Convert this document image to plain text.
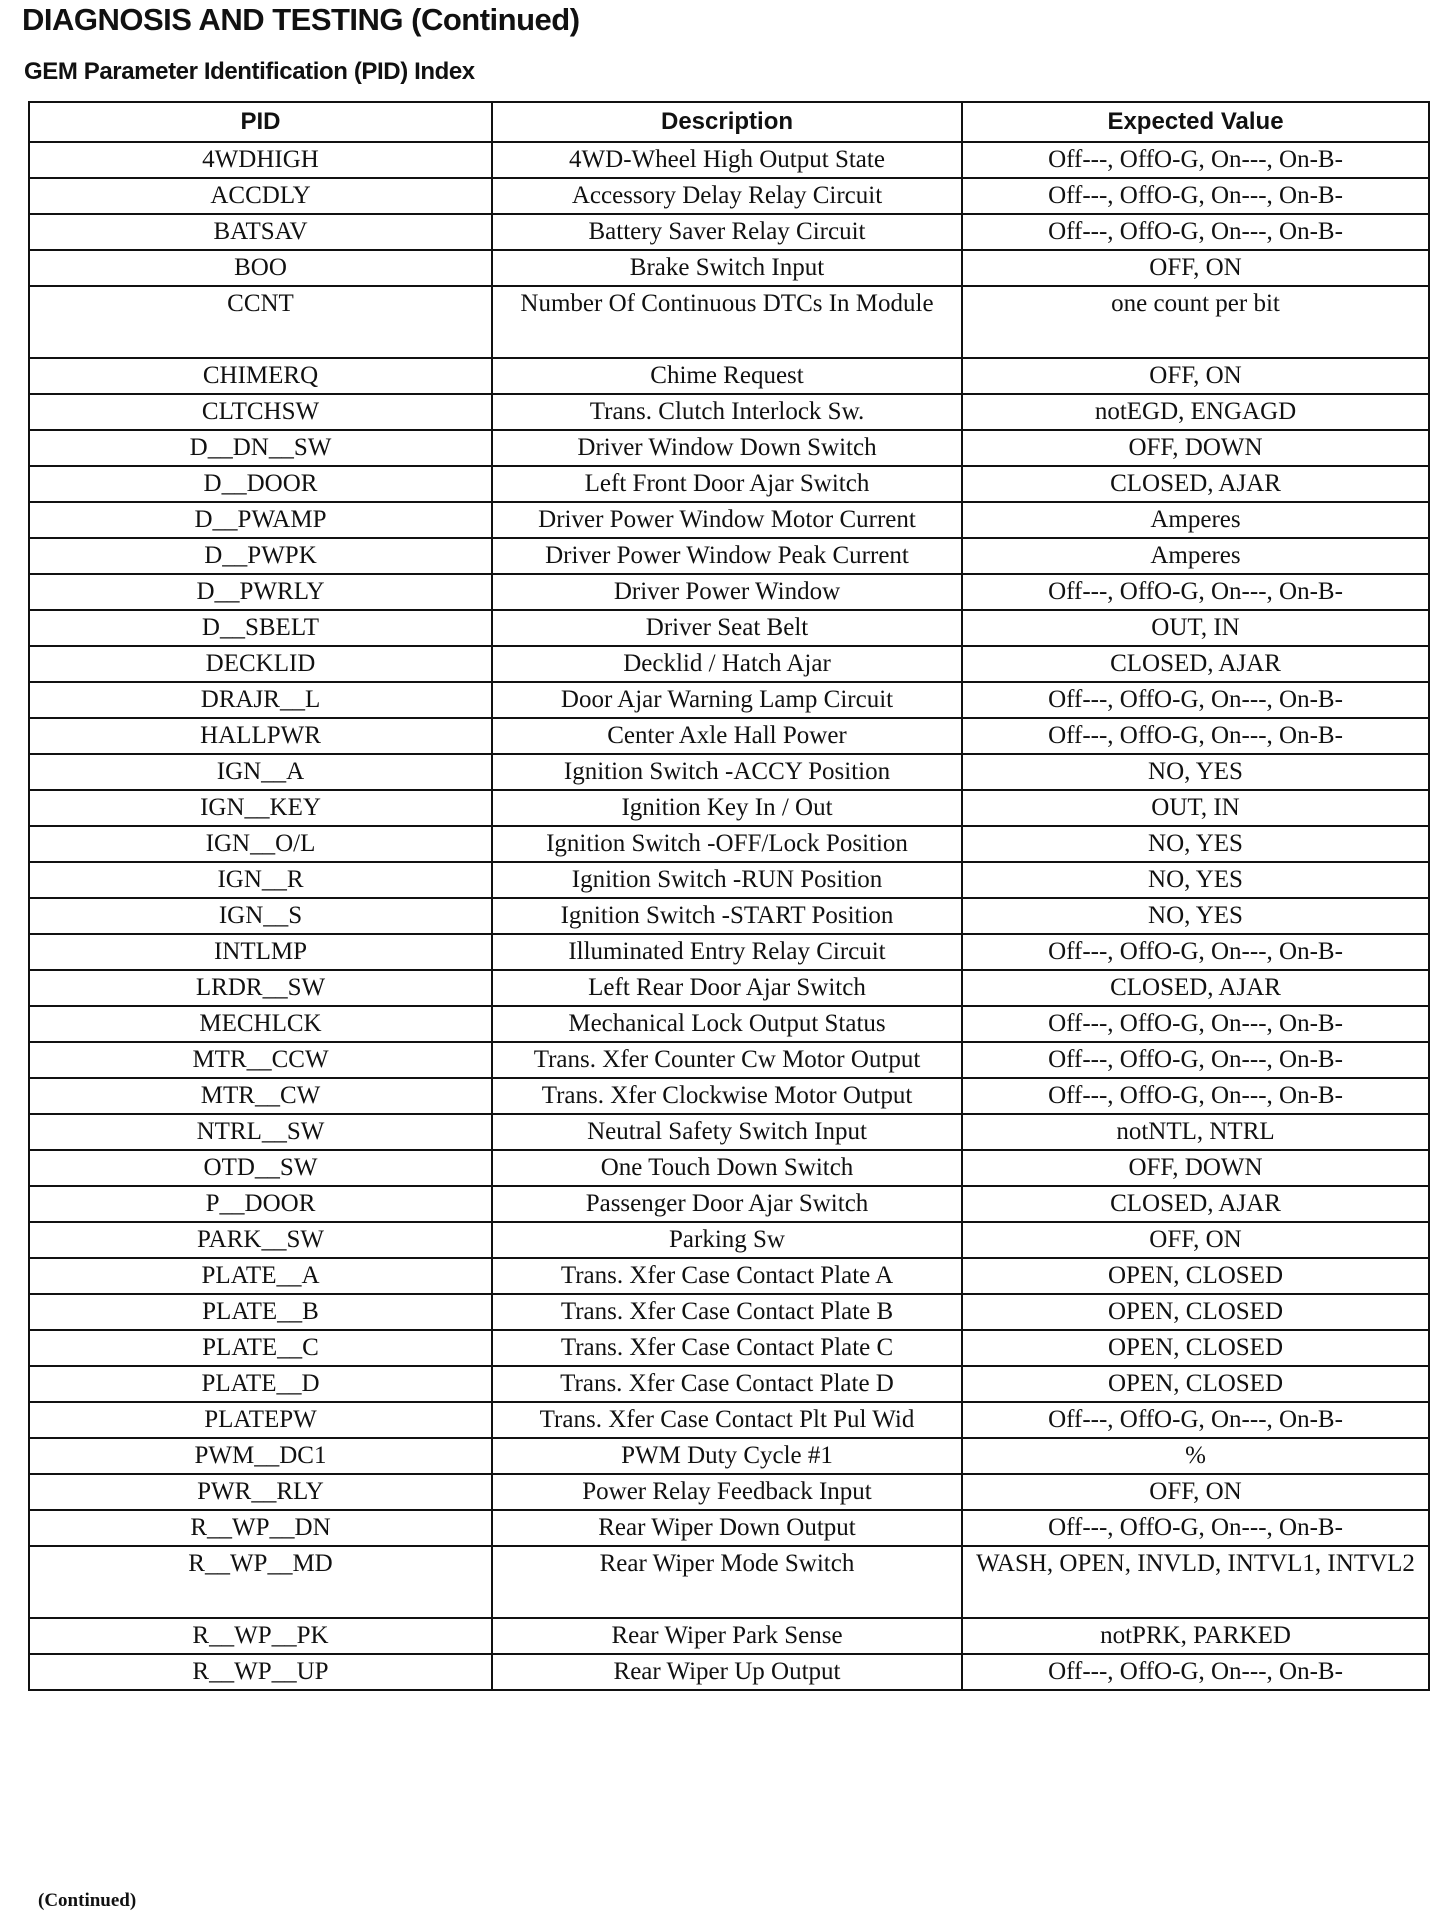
DIAGNOSIS AND TESTING (Continued)
GEM Parameter Identification (PID) Index
PID	Description	Expected Value
4WDHIGH	4WD-Wheel High Output State	Off---, OffO-G, On---, On-B-
ACCDLY	Accessory Delay Relay Circuit	Off---, OffO-G, On---, On-B-
BATSAV	Battery Saver Relay Circuit	Off---, OffO-G, On---, On-B-
BOO	Brake Switch Input	OFF, ON
CCNT	Number Of Continuous DTCs In Module	one count per bit
CHIMERQ	Chime Request	OFF, ON
CLTCHSW	Trans. Clutch Interlock Sw.	notEGD, ENGAGD
D__DN__SW	Driver Window Down Switch	OFF, DOWN
D__DOOR	Left Front Door Ajar Switch	CLOSED, AJAR
D__PWAMP	Driver Power Window Motor Current	Amperes
D__PWPK	Driver Power Window Peak Current	Amperes
D__PWRLY	Driver Power Window	Off---, OffO-G, On---, On-B-
D__SBELT	Driver Seat Belt	OUT, IN
DECKLID	Decklid / Hatch Ajar	CLOSED, AJAR
DRAJR__L	Door Ajar Warning Lamp Circuit	Off---, OffO-G, On---, On-B-
HALLPWR	Center Axle Hall Power	Off---, OffO-G, On---, On-B-
IGN__A	Ignition Switch -ACCY Position	NO, YES
IGN__KEY	Ignition Key In / Out	OUT, IN
IGN__O/L	Ignition Switch -OFF/Lock Position	NO, YES
IGN__R	Ignition Switch -RUN Position	NO, YES
IGN__S	Ignition Switch -START Position	NO, YES
INTLMP	Illuminated Entry Relay Circuit	Off---, OffO-G, On---, On-B-
LRDR__SW	Left Rear Door Ajar Switch	CLOSED, AJAR
MECHLCK	Mechanical Lock Output Status	Off---, OffO-G, On---, On-B-
MTR__CCW	Trans. Xfer Counter Cw Motor Output	Off---, OffO-G, On---, On-B-
MTR__CW	Trans. Xfer Clockwise Motor Output	Off---, OffO-G, On---, On-B-
NTRL__SW	Neutral Safety Switch Input	notNTL, NTRL
OTD__SW	One Touch Down Switch	OFF, DOWN
P__DOOR	Passenger Door Ajar Switch	CLOSED, AJAR
PARK__SW	Parking Sw	OFF, ON
PLATE__A	Trans. Xfer Case Contact Plate A	OPEN, CLOSED
PLATE__B	Trans. Xfer Case Contact Plate B	OPEN, CLOSED
PLATE__C	Trans. Xfer Case Contact Plate C	OPEN, CLOSED
PLATE__D	Trans. Xfer Case Contact Plate D	OPEN, CLOSED
PLATEPW	Trans. Xfer Case Contact Plt Pul Wid	Off---, OffO-G, On---, On-B-
PWM__DC1	PWM Duty Cycle #1	%
PWR__RLY	Power Relay Feedback Input	OFF, ON
R__WP__DN	Rear Wiper Down Output	Off---, OffO-G, On---, On-B-
R__WP__MD	Rear Wiper Mode Switch	WASH, OPEN, INVLD, INTVL1, INTVL2
R__WP__PK	Rear Wiper Park Sense	notPRK, PARKED
R__WP__UP	Rear Wiper Up Output	Off---, OffO-G, On---, On-B-
(Continued)
